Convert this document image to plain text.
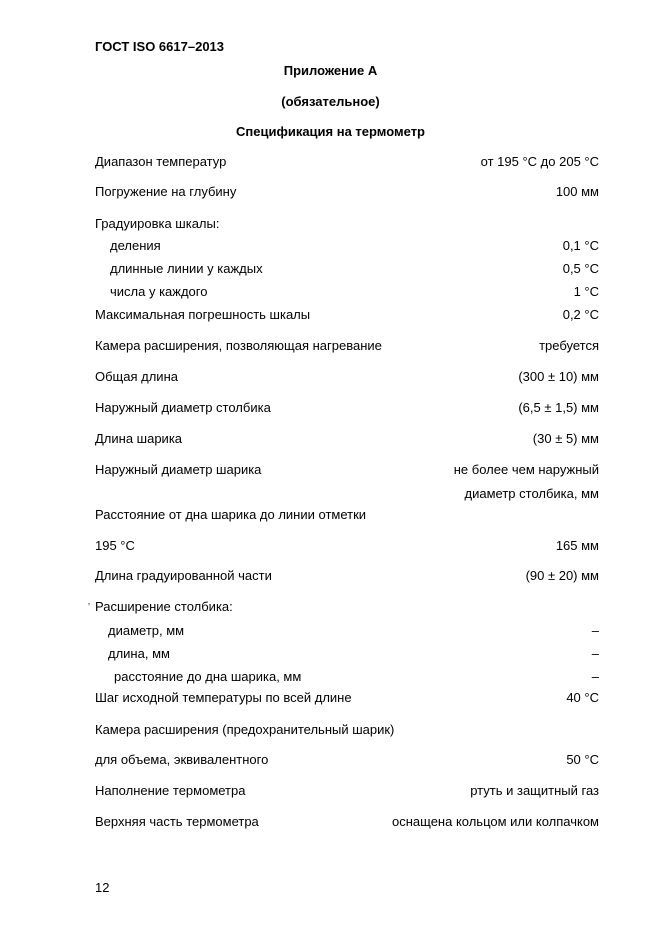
ГОСТ ISO 6617–2013
Приложение А
(обязательное)
Спецификация на термометр
Диапазон температур	от 195 °С до 205 °С
Погружение на глубину	100 мм
Градуировка шкалы:
деления	0,1 °С
длинные линии у каждых	0,5 °С
числа у каждого	1 °С
Максимальная погрешность шкалы	0,2 °С
Камера расширения, позволяющая нагревание	требуется
Общая длина	(300 ± 10) мм
Наружный диаметр столбика	(6,5 ± 1,5) мм
Длина шарика	(30 ± 5) мм
Наружный диаметр шарика	не более чем наружный
диаметр столбика, мм
Расстояние от дна шарика до линии отметки
195 °С	165 мм
Длина градуированной части	(90 ± 20) мм
Расширение столбика:
диаметр, мм	–
длина, мм	–
расстояние до дна шарика, мм	–
Шаг исходной температуры по всей длине	40 °С
Камера расширения (предохранительный шарик)
для объема, эквивалентного	50 °С
Наполнение термометра	ртуть и защитный газ
Верхняя часть термометра	оснащена кольцом или колпачком
ʼ
12
